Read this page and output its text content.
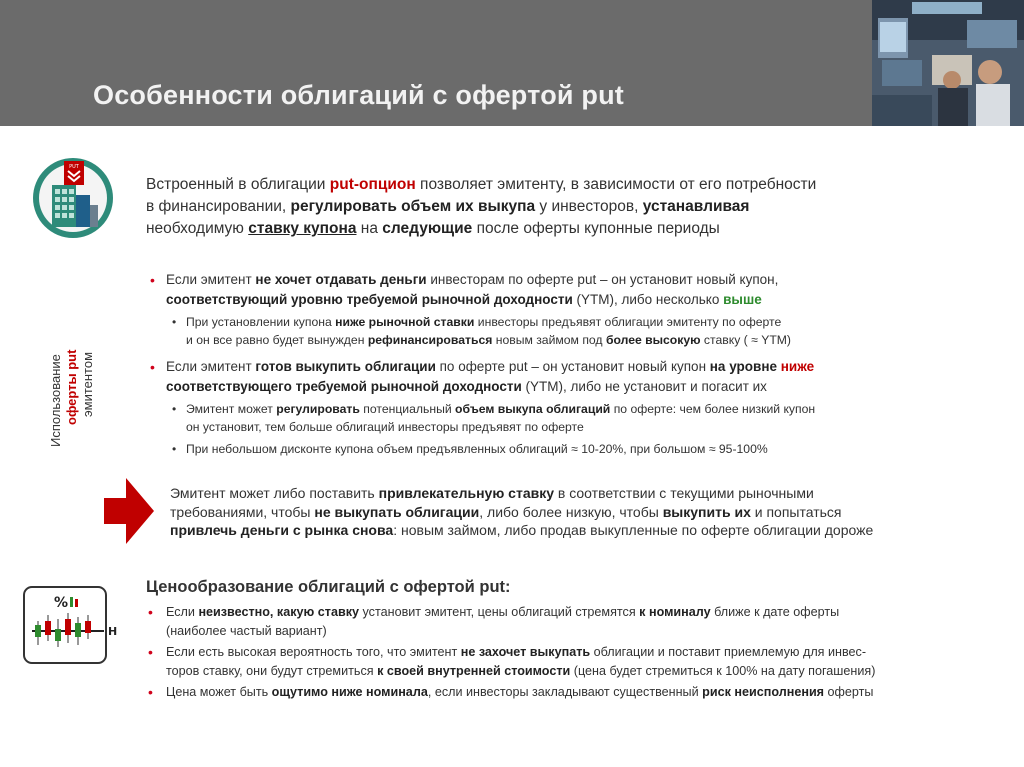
Особенности облигаций с офертой put
PUT
Использование оферты put эмитентом
Встроенный в облигации put-опцион позволяет эмитенту, в зависимости от его потребности
в финансировании, регулировать объем их выкупа у инвесторов, устанавливая
необходимую ставку купона на следующие после оферты купонные периоды
• Если эмитент не хочет отдавать деньги инвесторам по оферте put – он установит новый купон,
соответствующий уровню требуемой рыночной доходности (YTM), либо несколько выше
• При установлении купона ниже рыночной ставки инвесторы предъявят облигации эмитенту по оферте
и он все равно будет вынужден рефинансироваться новым займом под более высокую ставку ( ≈ YTM)
• Если эмитент готов выкупить облигации по оферте put – он установит новый купон на уровне ниже
соответствующего требуемой рыночной доходности (YTM), либо не установит и погасит их
• Эмитент может регулировать потенциальный объем выкупа облигаций по оферте: чем более низкий купон
он установит, тем больше облигаций инвесторы предъявят по оферте
• При небольшом дисконте купона объем предъявленных облигаций ≈ 10-20%, при большом ≈ 95-100%
Эмитент может либо поставить привлекательную ставку в соответствии с текущими рыночными
требованиями, чтобы не выкупать облигации, либо более низкую, чтобы выкупить их и попытаться
привлечь деньги с рынка снова: новым займом, либо продав выкупленные по оферте облигации дороже
%
Н
Ценообразование облигаций с офертой put:
• Если неизвестно, какую ставку установит эмитент, цены облигаций стремятся к номиналу ближе к дате оферты
(наиболее частый вариант)
• Если есть высокая вероятность того, что эмитент не захочет выкупать облигации и поставит приемлемую для инвес-
торов ставку, они будут стремиться к своей внутренней стоимости (цена будет стремиться к 100% на дату погашения)
• Цена может быть ощутимо ниже номинала, если инвесторы закладывают существенный риск неисполнения оферты
